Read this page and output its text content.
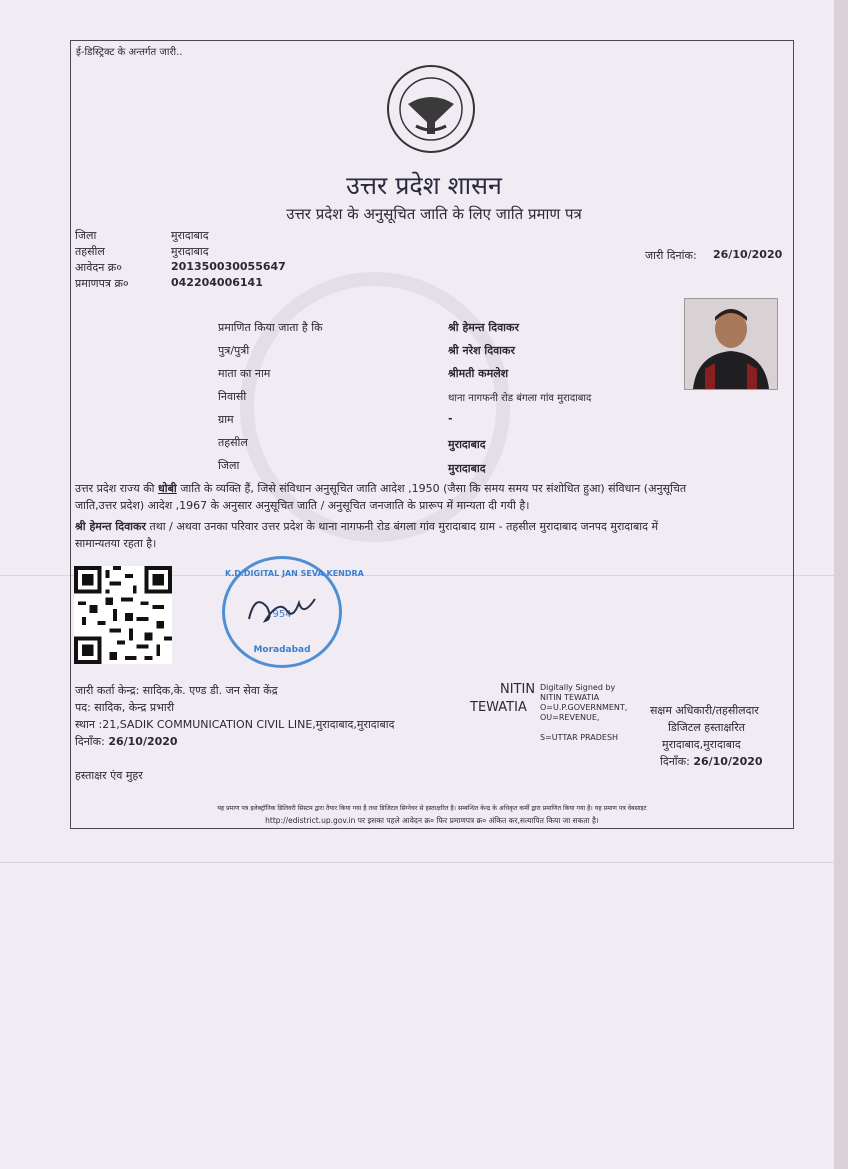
ई-डिस्ट्रिक्ट के अन्तर्गत जारी..
उत्तर प्रदेश शासन
उत्तर प्रदेश के अनुसूचित जाति के लिए जाति प्रमाण पत्र
जिला	मुरादाबाद
तहसील	मुरादाबाद
आवेदन क्र०	201350030055647
प्रमाणपत्र क्र०	042204006141
जारी दिनांक: 26/10/2020
प्रमाणित किया जाता है कि	श्री हेमन्त दिवाकर
पुत्र/पुत्री	श्री नरेश दिवाकर
माता का नाम	श्रीमती कमलेश
निवासी	थाना नागफनी रोड बंगला गांव मुरादाबाद
ग्राम	-
तहसील	मुरादाबाद
जिला	मुरादाबाद
उत्तर प्रदेश राज्य की धोबी जाति के व्यक्ति हैं, जिसे संविधान अनुसूचित जाति आदेश ,1950 (जैसा कि समय समय पर संशोधित हुआ) संविधान (अनुसूचित
जाति,उत्तर प्रदेश) आदेश ,1967 के अनुसार अनुसूचित जाति / अनुसूचित जनजाति के प्रारूप में मान्यता दी गयी है।
श्री हेमन्त दिवाकर तथा / अथवा उनका परिवार उत्तर प्रदेश के थाना नागफनी रोड बंगला गांव मुरादाबाद ग्राम - तहसील मुरादाबाद जनपद मुरादाबाद में
सामान्यतया रहता है।
K.D.DIGITAL JAN SEVA KENDRA
954
Moradabad
जारी कर्ता केन्द्र: सादिक,के. एण्ड डी. जन सेवा केंद्र
पद: सादिक, केन्द्र प्रभारी
स्थान :21,SADIK COMMUNICATION CIVIL LINE,मुरादाबाद,मुरादाबाद
दिनाँक: 26/10/2020
हस्ताक्षर एंव मुहर
NITIN
TEWATIA
Digitally Signed by
NITIN TEWATIA
O=U.P.GOVERNMENT,
OU=REVENUE,
S=UTTAR PRADESH
सक्षम अधिकारी/तहसीलदार
डिजिटल हस्ताक्षरित
मुरादाबाद,मुरादाबाद
दिनाँक: 26/10/2020
यह प्रमाण पत्र इलेक्ट्रॉनिक डिलिवरी सिस्टम द्वारा तैयार किया गया है तथा डिजिटल सिग्नेचर से हस्ताक्षरित है। सम्बन्धित केन्द्र के अधिकृत कर्मी द्वारा प्रमाणित किया गया है। यह प्रमाण पत्र वेबसाइट
http://edistrict.up.gov.in पर इसका पहले आवेदन क्र० फिर प्रमाणपत्र क्र० अंकित कर,सत्यापित किया जा सकता है।
